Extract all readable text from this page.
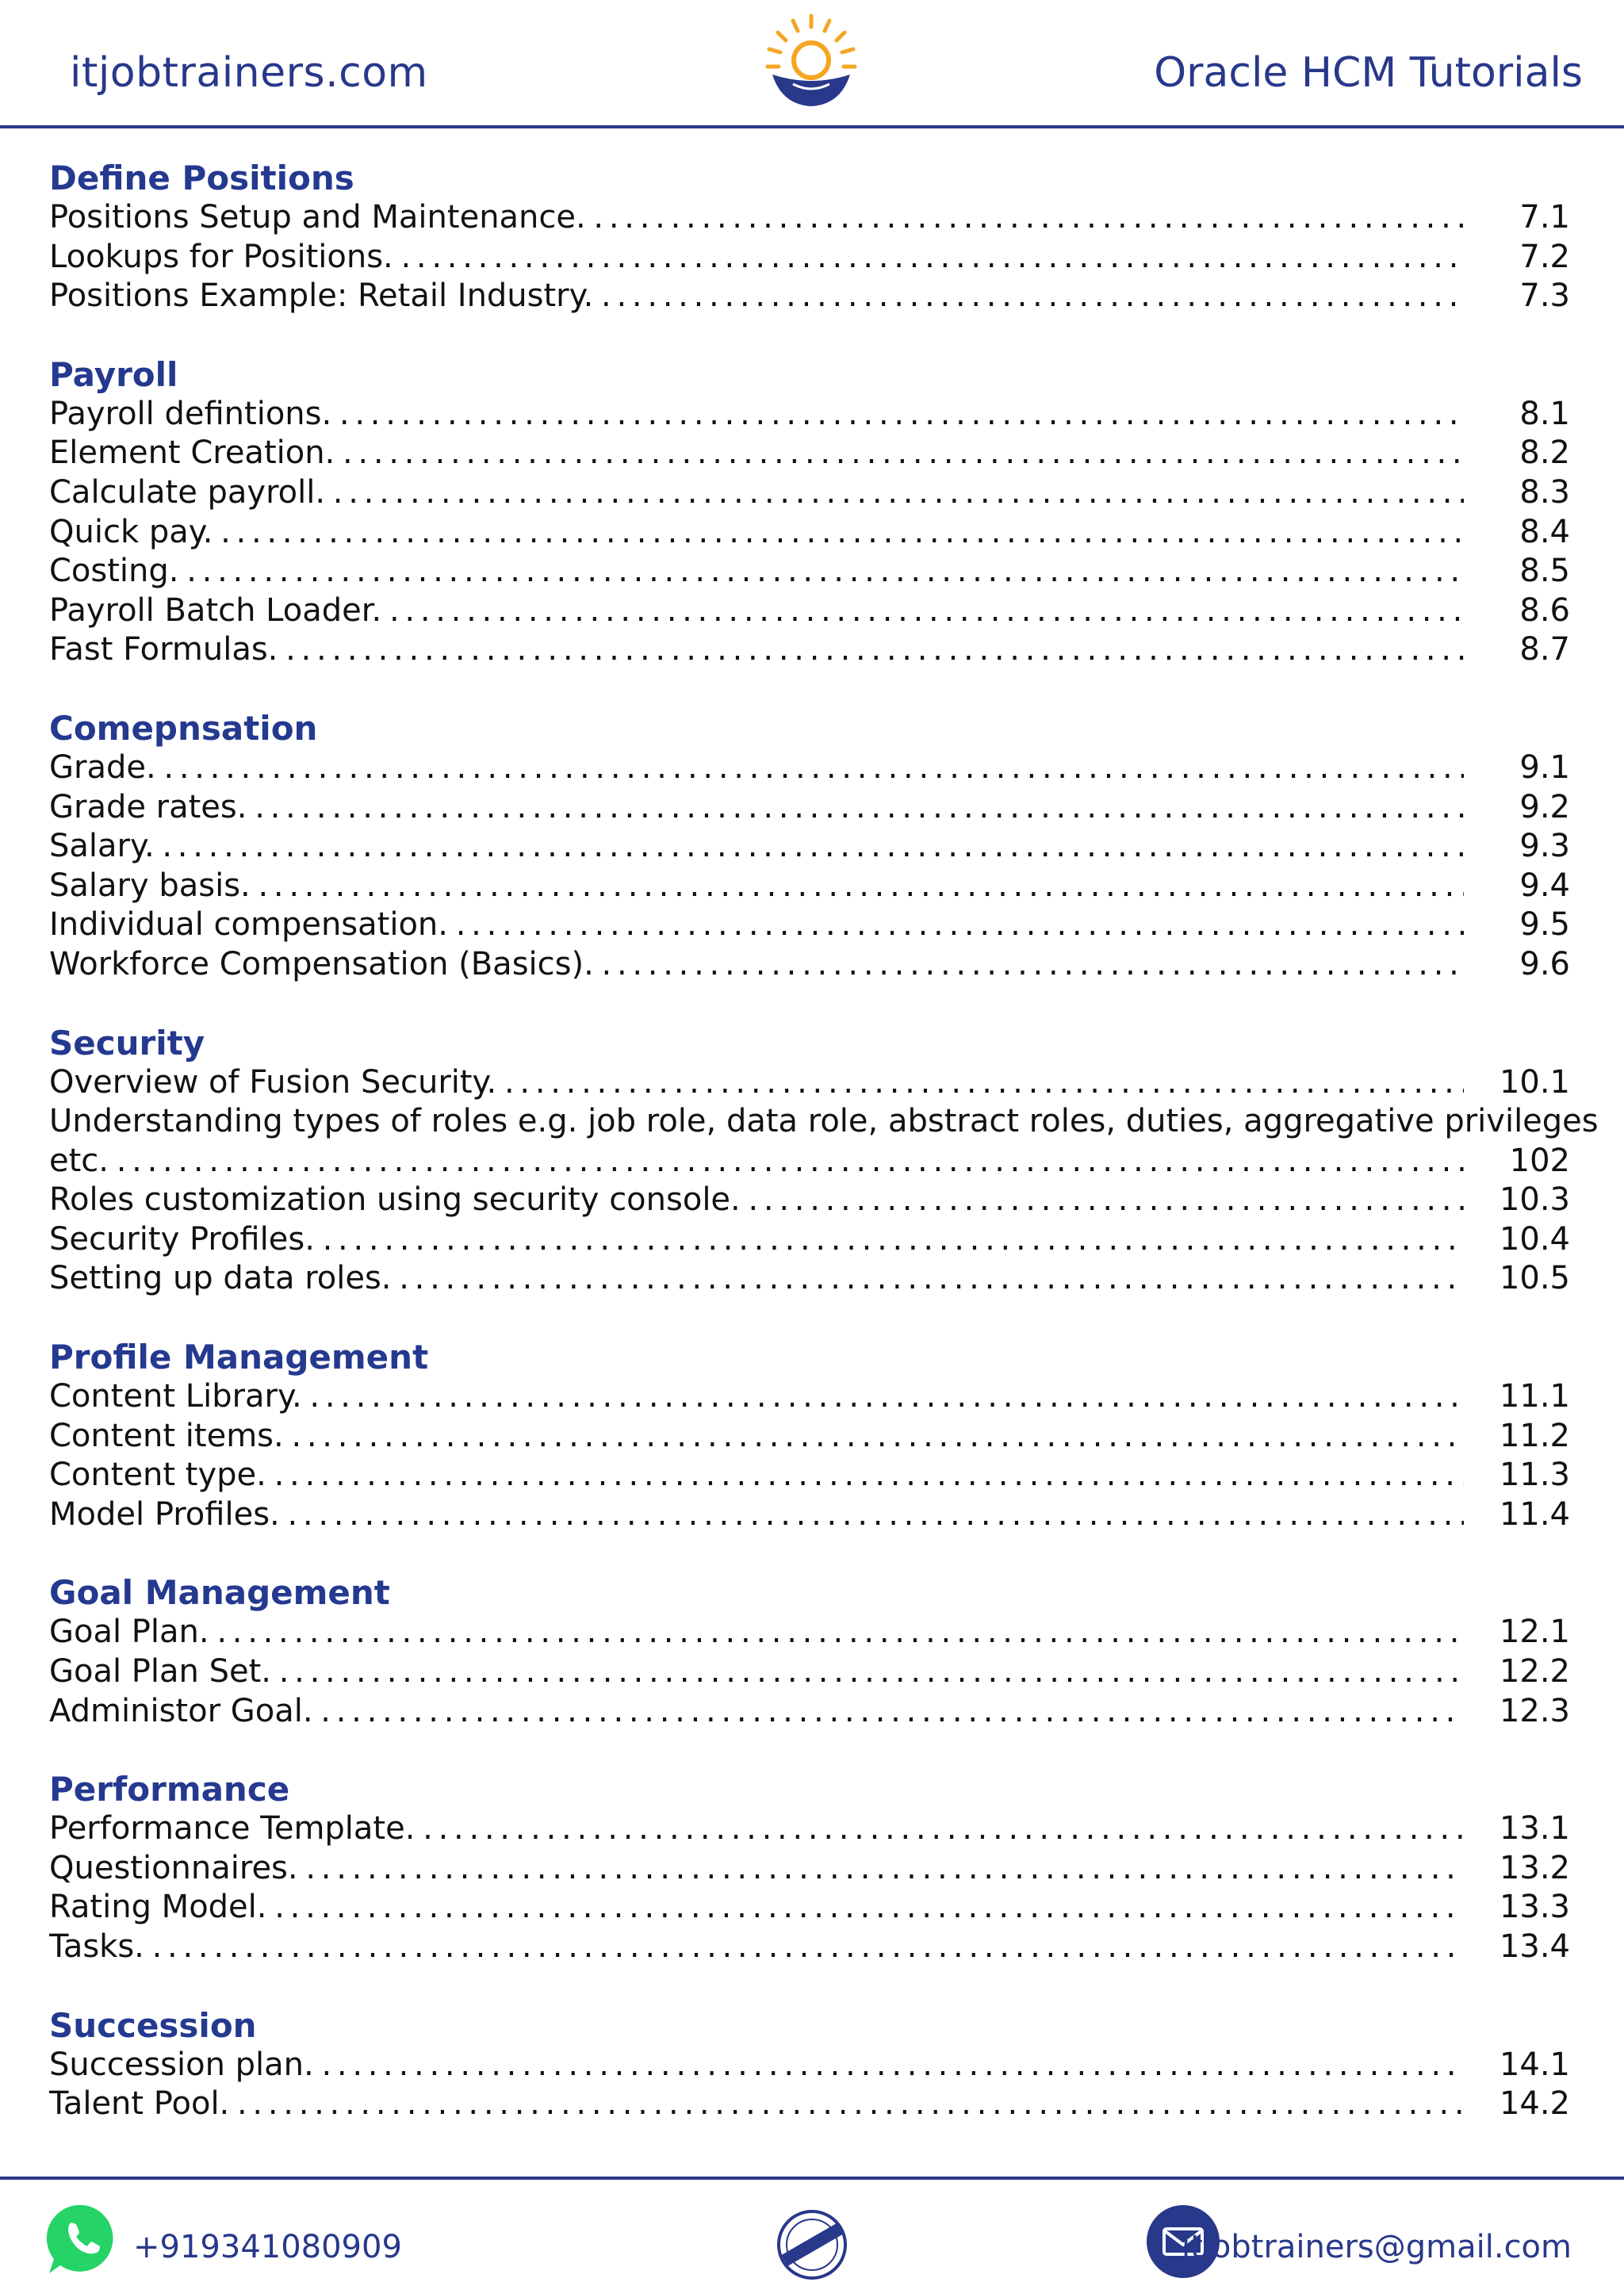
itjobtrainers.com	Oracle HCM Tutorials
Define Positions
Positions Setup and Maintenance. . .	7.1
Lookups for Positions. . .	7.2
Positions Example: Retail Industry. . .	7.3
Payroll
Payroll defintions. . .	8.1
Element Creation. . .	8.2
Calculate payroll. . .	8.3
Quick pay. . .	8.4
Costing. . .	8.5
Payroll Batch Loader. . .	8.6
Fast Formulas. . .	8.7
Comepnsation
Grade. . .	9.1
Grade rates. . .	9.2
Salary. . .	9.3
Salary basis. . .	9.4
Individual compensation. . .	9.5
Workforce Compensation (Basics). . .	9.6
Security
Overview of Fusion Security. . .	10.1
Understanding types of roles e.g. job role, data role, abstract roles, duties, aggregative privileges
etc. . .	102
Roles customization using security console. . .	10.3
Security Profiles. . .	10.4
Setting up data roles. . .	10.5
Profile Management
Content Library. . .	11.1
Content items. . .	11.2
Content type. . .	11.3
Model Profiles. . .	11.4
Goal Management
Goal Plan. . .	12.1
Goal Plan Set. . .	12.2
Administor Goal. . .	12.3
Performance
Performance Template. . .	13.1
Questionnaires. . .	13.2
Rating Model. . .	13.3
Tasks. . .	13.4
Succession
Succession plan. . .	14.1
Talent Pool. . .	14.2
+919341080909	itjobtrainers@gmail.com
